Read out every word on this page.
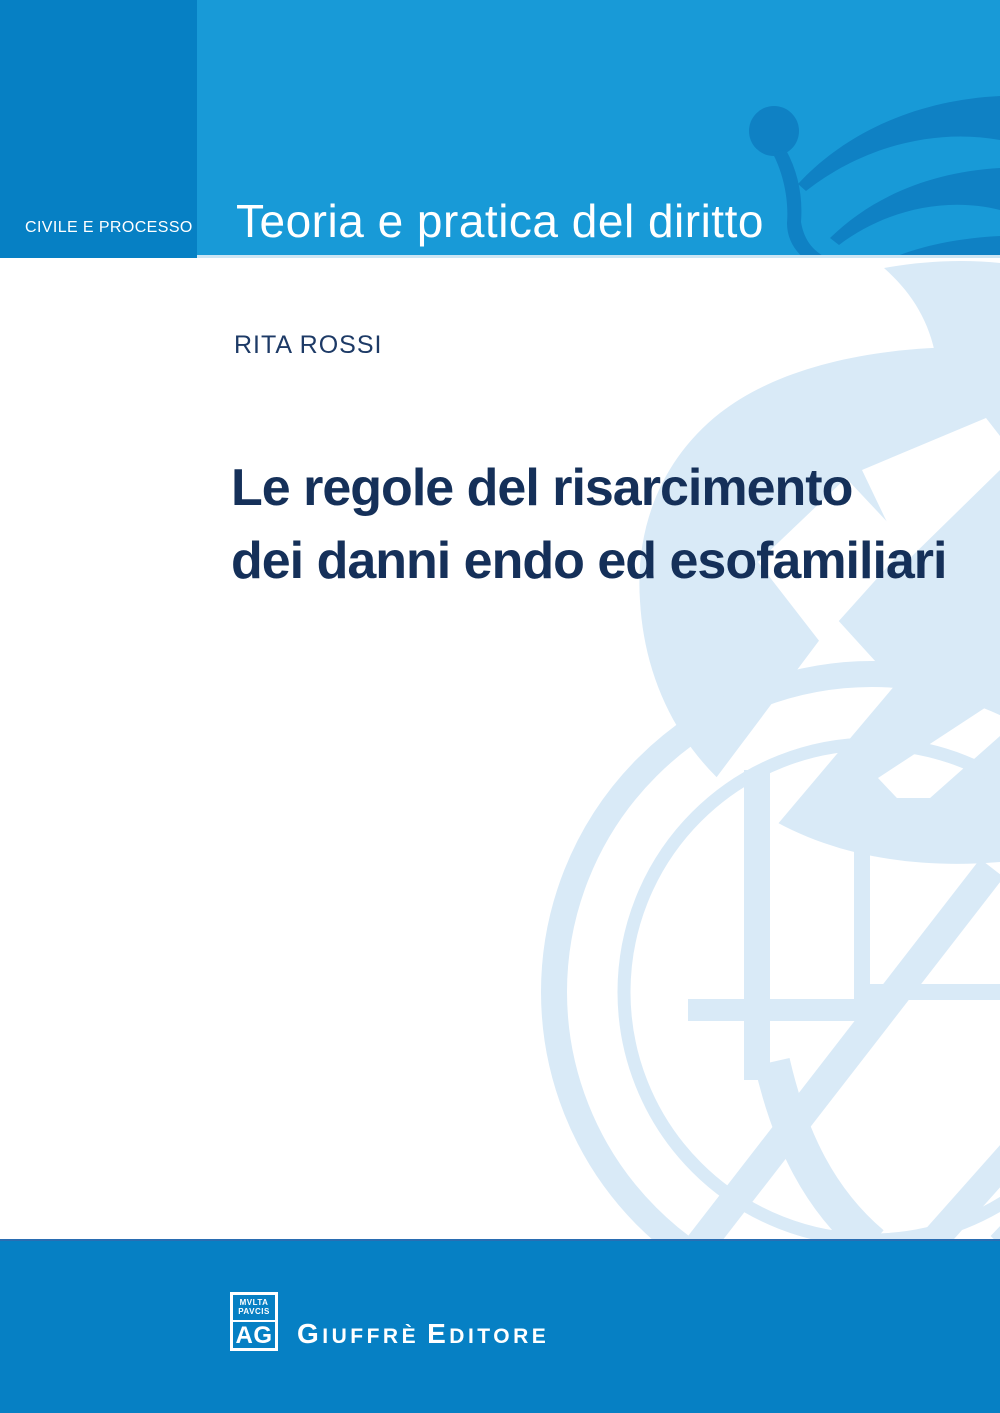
CIVILE E PROCESSO Teoria e pratica del diritto
RITA ROSSI
Le regole del risarcimento
dei danni endo ed esofamiliari
MVLTA
PAVCIS
AG GIUFFRÈ EDITORE
